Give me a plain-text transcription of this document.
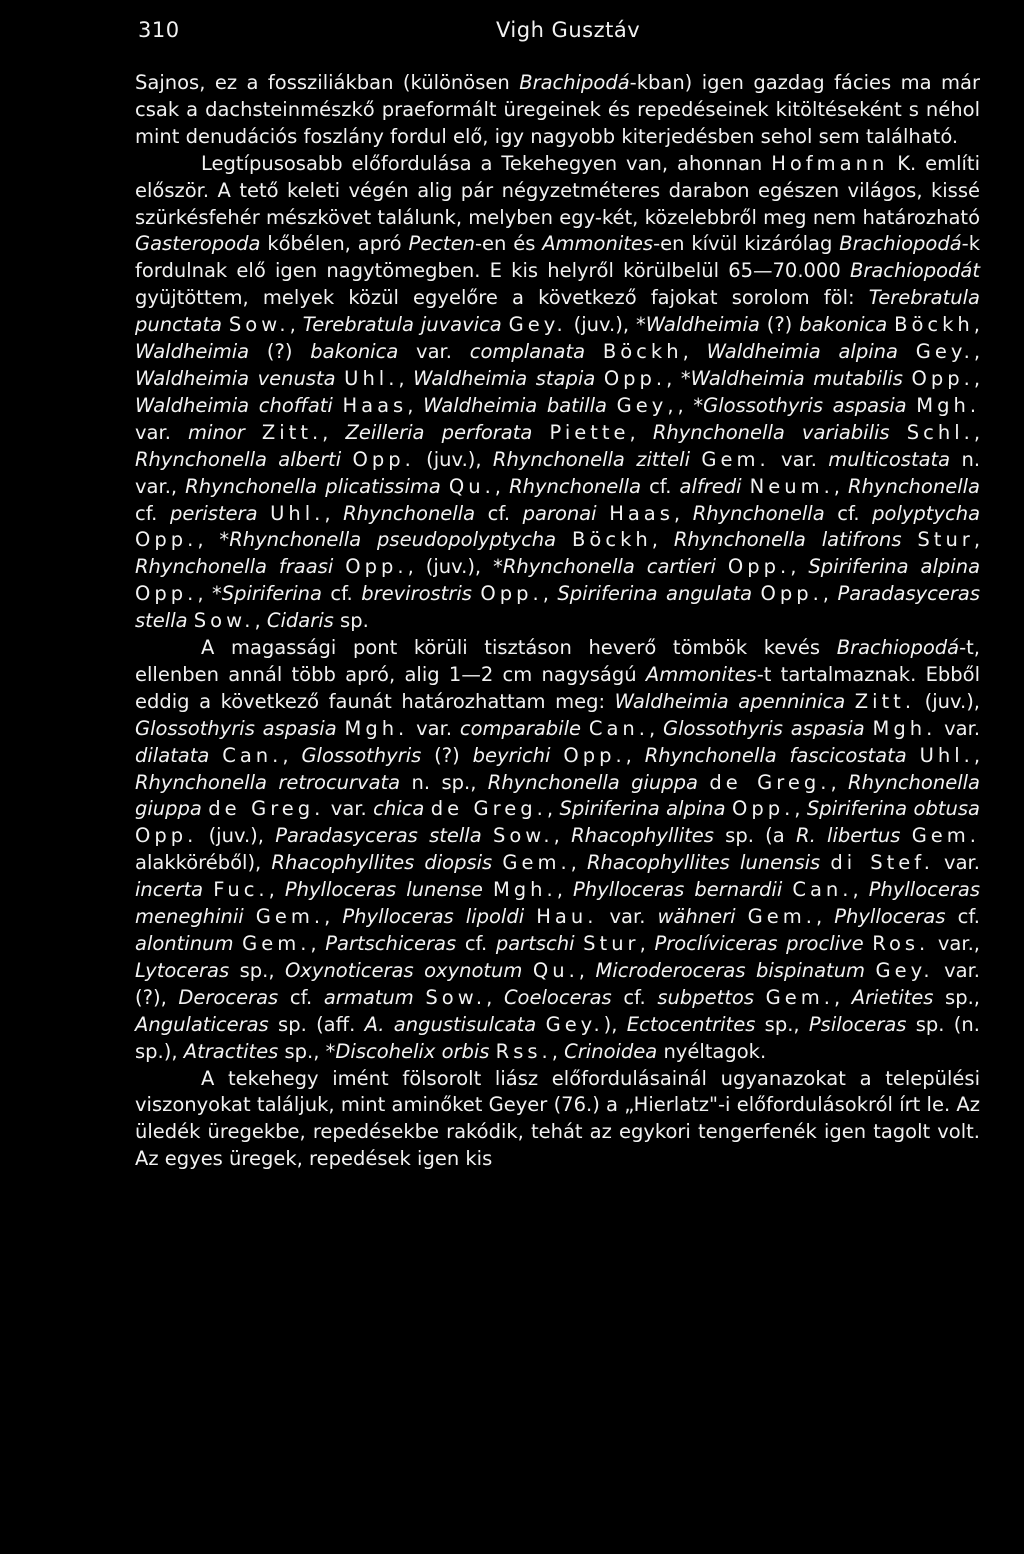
310	Vigh Gusztáv

Sajnos, ez a fossziliákban (különösen Brachipodá-kban) igen gazdag fácies ma már csak a dachsteinmészkő praeformált üregeinek és repedéseinek kitöltéseként s néhol mint denudációs foszlány fordul elő, igy nagyobb kiterjedésben sehol sem található.

Legtípusosabb előfordulása a Tekehegyen van, ahonnan Hofmann K. említi először. A tető keleti végén alig pár négyzetméteres darabon egészen világos, kissé szürkésfehér mészkövet találunk, melyben egy-két, közelebbről meg nem határozható Gasteropoda kőbélen, apró Pecten-en és Ammonites-en kívül kizárólag Brachiopodá-k fordulnak elő igen nagytömegben. E kis helyről körülbelül 65—70.000 Brachiopodát gyüjtöttem, melyek közül egyelőre a következő fajokat sorolom föl: Terebratula punctata Sow., Terebratula juvavica Gey. (juv.), *Waldheimia (?) bakonica Böckh, Waldheimia (?) bakonica var. complanata Böckh, Waldheimia alpina Gey., Waldheimia venusta Uhl., Waldheimia stapia Opp., *Waldheimia mutabilis Opp., Waldheimia choffati Haas, Waldheimia batilla Gey,, *Glossothyris aspasia Mgh. var. minor Zitt., Zeilleria perforata Piette, Rhynchonella variabilis Schl., Rhynchonella alberti Opp. (juv.), Rhynchonella zitteli Gem. var. multicostata n. var., Rhynchonella plicatissima Qu., Rhynchonella cf. alfredi Neum., Rhynchonella cf. peristera Uhl., Rhynchonella cf. paronai Haas, Rhynchonella cf. polyptycha Opp., *Rhynchonella pseudopolyptycha Böckh, Rhynchonella latifrons Stur, Rhynchonella fraasi Opp., (juv.), *Rhynchonella cartieri Opp., Spiriferina alpina Opp., *Spiriferina cf. brevirostris Opp., Spiriferina angulata Opp., Paradasyceras stella Sow., Cidaris sp.

A magassági pont körüli tisztáson heverő tömbök kevés Brachiopodá-t, ellenben annál több apró, alig 1—2 cm nagyságú Ammonites-t tartalmaznak. Ebből eddig a következő faunát határozhattam meg: Waldheimia apenninica Zitt. (juv.), Glossothyris aspasia Mgh. var. comparabile Can., Glossothyris aspasia Mgh. var. dilatata Can., Glossothyris (?) beyrichi Opp., Rhynchonella fascicostata Uhl., Rhynchonella retrocurvata n. sp., Rhynchonella giuppa de Greg., Rhynchonella giuppa de Greg. var. chica de Greg., Spiriferina alpina Opp., Spiriferina obtusa Opp. (juv.), Paradasyceras stella Sow., Rhacophyllites sp. (a R. libertus Gem. alakköréből), Rhacophyllites diopsis Gem., Rhacophyllites lunensis di Stef. var. incerta Fuc., Phylloceras lunense Mgh., Phylloceras bernardii Can., Phylloceras meneghinii Gem., Phylloceras lipoldi Hau. var. wähneri Gem., Phylloceras cf. alontinum Gem., Partschiceras cf. partschi Stur, Proclíviceras proclive Ros. var., Lytoceras sp., Oxynoticeras oxynotum Qu., Microderoceras bispinatum Gey. var. (?), Deroceras cf. armatum Sow., Coeloceras cf. subpettos Gem., Arietites sp., Angulaticeras sp. (aff. A. angustisulcata Gey.), Ectocentrites sp., Psiloceras sp. (n. sp.), Atractites sp., *Discohelix orbis Rss., Crinoidea nyéltagok.

A tekehegy imént fölsorolt liász előfordulásainál ugyanazokat a települési viszonyokat találjuk, mint aminőket Geyer (76.) a „Hierlatz"-i előfordulásokról írt le. Az üledék üregekbe, repedésekbe rakódik, tehát az egykori tengerfenék igen tagolt volt. Az egyes üregek, repedések igen kis
